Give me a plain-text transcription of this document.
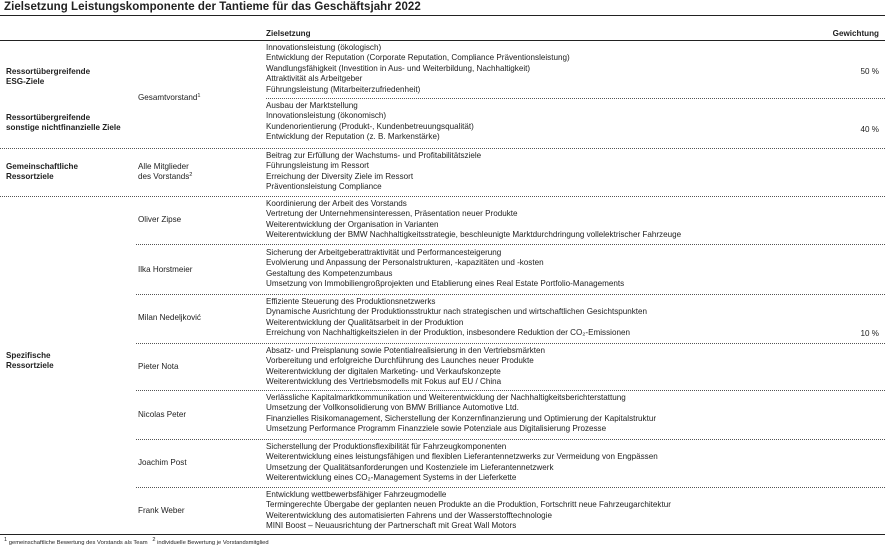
Zielsetzung Leistungskomponente der Tantieme für das Geschäftsjahr 2022
Zielsetzung	Gewichtung
Ressortübergreifende
ESG-Ziele
Ressortübergreifende
sonstige nichtfinanzielle Ziele
Gesamtvorstand$^1$
Innovationsleistung (ökologisch)
Entwicklung der Reputation (Corporate Reputation, Compliance Präventionsleistung)
Wandlungsfähigkeit (Investition in Aus- und Weiterbildung, Nachhaltigkeit)
Attraktivität als Arbeitgeber
Führungsleistung (Mitarbeiterzufriedenheit)
50 %
Ausbau der Marktstellung
Innovationsleistung (ökonomisch)
Kundenorientierung (Produkt-, Kundenbetreuungsqualität)
Entwicklung der Reputation (z. B. Markenstärke)
40 %
Gemeinschaftliche
Ressortziele
Alle Mitglieder
des Vorstands$^2$
Beitrag zur Erfüllung der Wachstums- und Profitabilitätsziele
Führungsleistung im Ressort
Erreichung der Diversity Ziele im Ressort
Präventionsleistung Compliance
Spezifische
Ressortziele
10 %
Oliver Zipse
Koordinierung der Arbeit des Vorstands
Vertretung der Unternehmensinteressen, Präsentation neuer Produkte
Weiterentwicklung der Organisation in Varianten
Weiterentwicklung der BMW Nachhaltigkeitsstrategie, beschleunigte Marktdurchdringung vollelektrischer Fahrzeuge
Ilka Horstmeier
Sicherung der Arbeitgeberattraktivität und Performancesteigerung
Evolvierung und Anpassung der Personalstrukturen, -kapazitäten und -kosten
Gestaltung des Kompetenzumbaus
Umsetzung von Immobiliengroßprojekten und Etablierung eines Real Estate Portfolio-Managements
Milan Nedeljković
Effiziente Steuerung des Produktionsnetzwerks
Dynamische Ausrichtung der Produktionsstruktur nach strategischen und wirtschaftlichen Gesichtspunkten
Weiterentwicklung der Qualitätsarbeit in der Produktion
Erreichung von Nachhaltigkeitszielen in der Produktion, insbesondere Reduktion der CO₂-Emissionen
Pieter Nota
Absatz- und Preisplanung sowie Potentialrealisierung in den Vertriebsmärkten
Vorbereitung und erfolgreiche Durchführung des Launches neuer Produkte
Weiterentwicklung der digitalen Marketing- und Verkaufskonzepte
Weiterentwicklung des Vertriebsmodells mit Fokus auf EU / China
Nicolas Peter
Verlässliche Kapitalmarktkommunikation und Weiterentwicklung der Nachhaltigkeitsberichterstattung
Umsetzung der Vollkonsolidierung von BMW Brilliance Automotive Ltd.
Finanzielles Risikomanagement, Sicherstellung der Konzernfinanzierung und Optimierung der Kapitalstruktur
Umsetzung Performance Programm Finanzziele sowie Potenziale aus Digitalisierung Prozesse
Joachim Post
Sicherstellung der Produktionsflexibilität für Fahrzeugkomponenten
Weiterentwicklung eines leistungsfähigen und flexiblen Lieferantennetzwerks zur Vermeidung von Engpässen
Umsetzung der Qualitätsanforderungen und Kostenziele im Lieferantennetzwerk
Weiterentwicklung eines CO₂-Management Systems in der Lieferkette
Frank Weber
Entwicklung wettbewerbsfähiger Fahrzeugmodelle
Termingerechte Übergabe der geplanten neuen Produkte an die Produktion, Fortschritt neue Fahrzeugarchitektur
Weiterentwicklung des automatisierten Fahrens und der Wasserstofftechnologie
MINI Boost – Neuausrichtung der Partnerschaft mit Great Wall Motors
$^1$ gemeinschaftliche Bewertung des Vorstands als Team $^2$ individuelle Bewertung je Vorstandsmitglied
